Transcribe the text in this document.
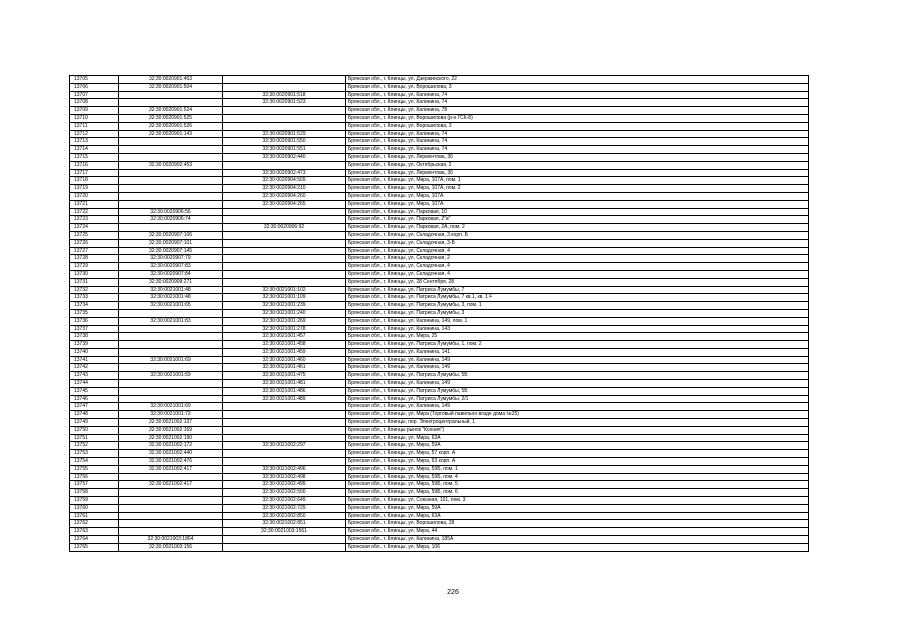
13705	32:30:0020901:453		Брянская обл., г. Клинцы, ул. Дзержинского, 22
13706	32:30:0020901:504		Брянская обл., г. Клинцы, ул. Ворошилова, 3
13707		32:30:0020901:518	Брянская обл., г. Клинцы, ул. Калинина, 74
13708		32:30:0020901:523	Брянская обл., г. Клинцы, ул. Калинина, 74
13709	32:30:0020901:524		Брянская обл., г. Клинцы, ул. Калинина, 78
13710	32:30:0020901:525		Брянская обл., г. Клинцы, ул. Ворошилова (р-н ГСК-8)
13711	32:30:0020901:526		Брянская обл., г. Клинцы, ул. Ворошилова, 3
13712	32:30:0020901:143	32:30:0020901:529	Брянская обл., г. Клинцы, ул. Калинина, 74
13713		32:30:0020901:550	Брянская обл., г. Клинцы, ул. Калинина, 74
13714		32:30:0020901:551	Брянская обл., г. Клинцы, ул. Калинина, 74
13715		32:30:0020902:440	Брянская обл., г. Клинцы, ул. Лермонтова, 36
13716	32:30:0020902:453		Брянская обл., г. Клинцы, ул. Октябрьская, 2
13717		32:30:0020902:473	Брянская обл., г. Клинцы, ул. Лермонтова, 36
13718		32:30:0020904:509	Брянская обл., г. Клинцы, ул. Мира, 107А, пом. 1
13719		32:30:0020904:210	Брянская обл., г. Клинцы, ул. Мира, 107А, пом. 2
13720		32:30:0020904:260	Брянская обл., г. Клинцы, ул. Мира, 107А
13721		32:30:0020904:265	Брянская обл., г. Клинцы, ул. Мира, 107А
13722	32:30:0020906:56		Брянская обл., г. Клинцы, ул. Парковая, 10
13723	32:30:0020906:74		Брянская обл., г. Клинцы, ул. Парковая, 2"в"
13724		32:30:0020906:92	Брянская обл., г. Клинцы, ул. Парковая, 2А, пом. 2
13725	32:30:0020907:106		Брянская обл., г. Клинцы, ул. Складочная, 3 корп. Б
13726	32:30:0020907:101		Брянская обл., г. Клинцы, ул. Складочная, 3-Б
13727	32:30:0020907:145		Брянская обл., г. Клинцы, ул. Складочная, 4
13728	32:30:0020907:79		Брянская обл., г. Клинцы, ул. Складочная, 2
13729	32:30:0020907:83		Брянская обл., г. Клинцы, ул. Складочная, 4
13730	32:30:0020907:84		Брянская обл., г. Клинцы, ул. Складочная, 4
13731	32:30:0020909:271		Брянская обл., г. Клинцы, ул. 28 Сентября, 28
13732	32:30:0021001:48	32:30:0021001:102	Брянская обл., г. Клинцы, ул. Патриса Лумумбы, 7
13733	32:30:0021001:48	32:30:0021001:109	Брянская обл., г. Клинцы, ул. Патриса Лумумбы, 7 кв.1, кв. 1 F
13734	32:30:0021001:65	32:30:0021001:239	Брянская обл., г. Клинцы, ул. Патриса Лумумбы, 3, пом. 1
13735		32:30:0021001:240	Брянская обл., г. Клинцы, ул. Патриса Лумумбы, 3
13736	32:30:0021001:83	32:30:0021001:269	Брянская обл., г. Клинцы, ул. Калинина, 149, пом. 1
13737		32:30:0021001:278	Брянская обл., г. Клинцы, ул. Калинина, 143
13738		32:30:0021001:457	Брянская обл., г. Клинцы, ул. Мира, 25
13739		32:30:0021001:458	Брянская обл., г. Клинцы, ул. Патриса Лумумбы, 1, пом. 2
13740		32:30:0021001:459	Брянская обл., г. Клинцы, ул. Калинина, 141
13741	32:30:0021001:69	32:30:0021001:460	Брянская обл., г. Клинцы, ул. Калинина, 149
13742		32:30:0021001:461	Брянская обл., г. Клинцы, ул. Калинина, 149
13743	32:30:0021001:59	32:30:0021001:475	Брянская обл., г. Клинцы, ул. Патриса Лумумбы, 5Б
13744		32:30:0021001:481	Брянская обл., г. Клинцы, ул. Калинина, 149
13745		32:30:0021001:486	Брянская обл., г. Клинцы, ул. Патриса Лумумбы, 5Б
13746		32:30:0021001:489	Брянская обл., г. Клинцы, ул. Патриса Лумумбы, 2/1
13747	32:30:0021001:69		Брянская обл., г. Клинцы, ул. Калинина, 149
13748	32:30:0021001:72		Брянская обл., г. Клинцы, ул. Мира (Торговый павильон возде дома №25)
13749	32:30:0021002:137		Брянская обл., г. Клинцы, пер. Электроцентральный, 1
13750	32:30:0021002:169		Брянская обл., г. Клинцы рынок "Ксения")
13751	32:30:0021002:190		Брянская обл., г. Клинцы, ул. Мира, 63А
13752	32:30:0021002:172	32:30:0021002:297	Брянская обл., г. Клинцы, ул. Мира, 59А
13753	32:30:0021002:440		Брянская обл., г. Клинцы, ул. Мира, 57 корп. А
13754	32:30:0021002:476		Брянская обл., г. Клинцы, ул. Мира, 63 корп. А
13755	32:30:0021002:417	32:30:0021002:496	Брянская обл., г. Клинцы, ул. Мира, 59Б, пом. 1
13756		32:30:0021002:498	Брянская обл., г. Клинцы, ул. Мира, 59Б, пом. 4
13757	32:30:0021002:417	32:30:0021002:499	Брянская обл., г. Клинцы, ул. Мира, 59Б, пом. 5
13758		32:30:0021002:500	Брянская обл., г. Клинцы, ул. Мира, 59Б, пом. 6
13759		32:30:0021002:649	Брянская обл., г. Клинцы, ул. Союзная, 101, пом. 3
13760		32:30:0021002:729	Брянская обл., г. Клинцы, ул. Мира, 59А
13761		32:30:0021002:850	Брянская обл., г. Клинцы, ул. Мира, 63А
13762		32:30:0021002:851	Брянская обл., г. Клинцы, ул. Ворошилова, 28
13763		32:30:0021003:1561	Брянская обл., г. Клинцы, ул. Мира, 44
13764	32:30:0021003:1864		Брянская обл., г. Клинцы, ул. Калинина, 185А
13765	32:30:0021003:156		Брянская обл., г. Клинцы, ул. Мира, 106
226
